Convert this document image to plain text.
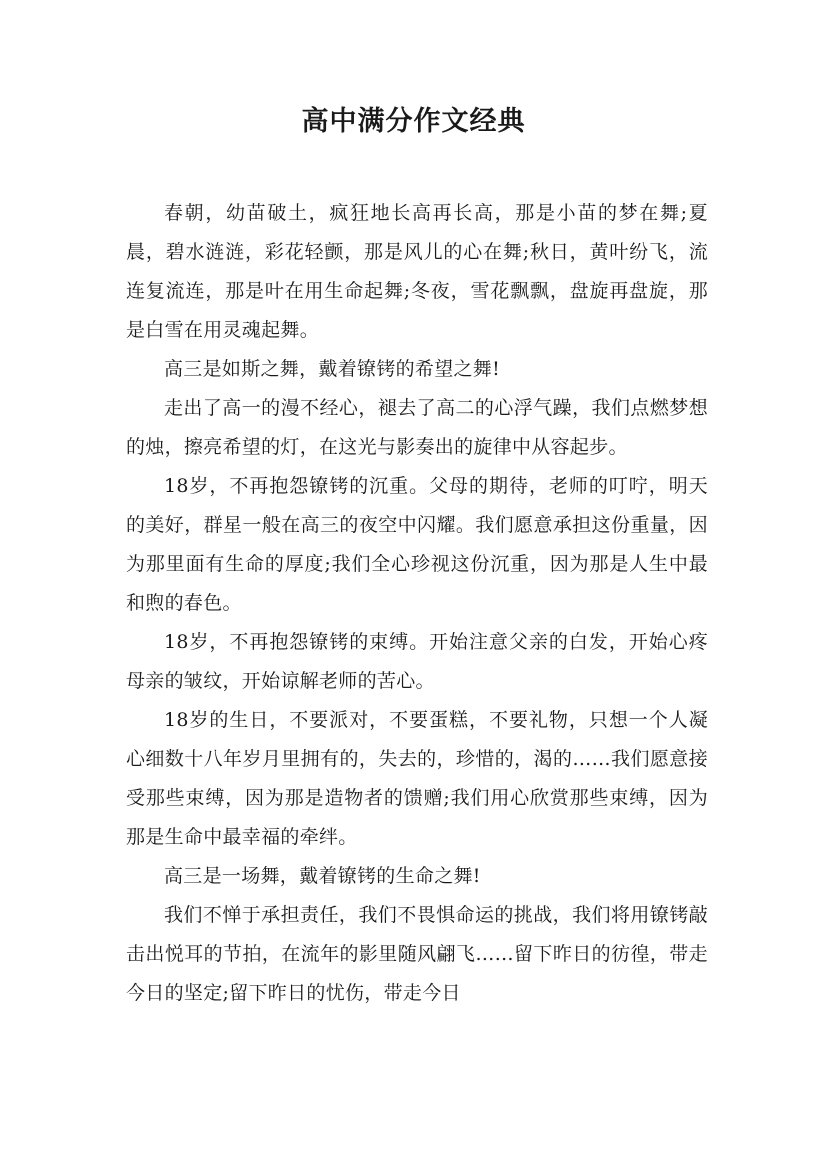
高中满分作文经典

春朝，幼苗破土，疯狂地长高再长高，那是小苗的梦在舞;夏晨，碧水涟涟，彩花轻颤，那是风儿的心在舞;秋日，黄叶纷飞，流连复流连，那是叶在用生命起舞;冬夜，雪花飘飘，盘旋再盘旋，那是白雪在用灵魂起舞。

高三是如斯之舞，戴着镣铐的希望之舞!

走出了高一的漫不经心，褪去了高二的心浮气躁，我们点燃梦想的烛，擦亮希望的灯，在这光与影奏出的旋律中从容起步。

18岁，不再抱怨镣铐的沉重。父母的期待，老师的叮咛，明天的美好，群星一般在高三的夜空中闪耀。我们愿意承担这份重量，因为那里面有生命的厚度;我们全心珍视这份沉重，因为那是人生中最和煦的春色。

18岁，不再抱怨镣铐的束缚。开始注意父亲的白发，开始心疼母亲的皱纹，开始谅解老师的苦心。

18岁的生日，不要派对，不要蛋糕，不要礼物，只想一个人凝心细数十八年岁月里拥有的，失去的，珍惜的，渴的……我们愿意接受那些束缚，因为那是造物者的馈赠;我们用心欣赏那些束缚，因为那是生命中最幸福的牵绊。

高三是一场舞，戴着镣铐的生命之舞!

我们不惮于承担责任，我们不畏惧命运的挑战，我们将用镣铐敲击出悦耳的节拍，在流年的影里随风翩飞……留下昨日的彷徨，带走今日的坚定;留下昨日的忧伤，带走今日
